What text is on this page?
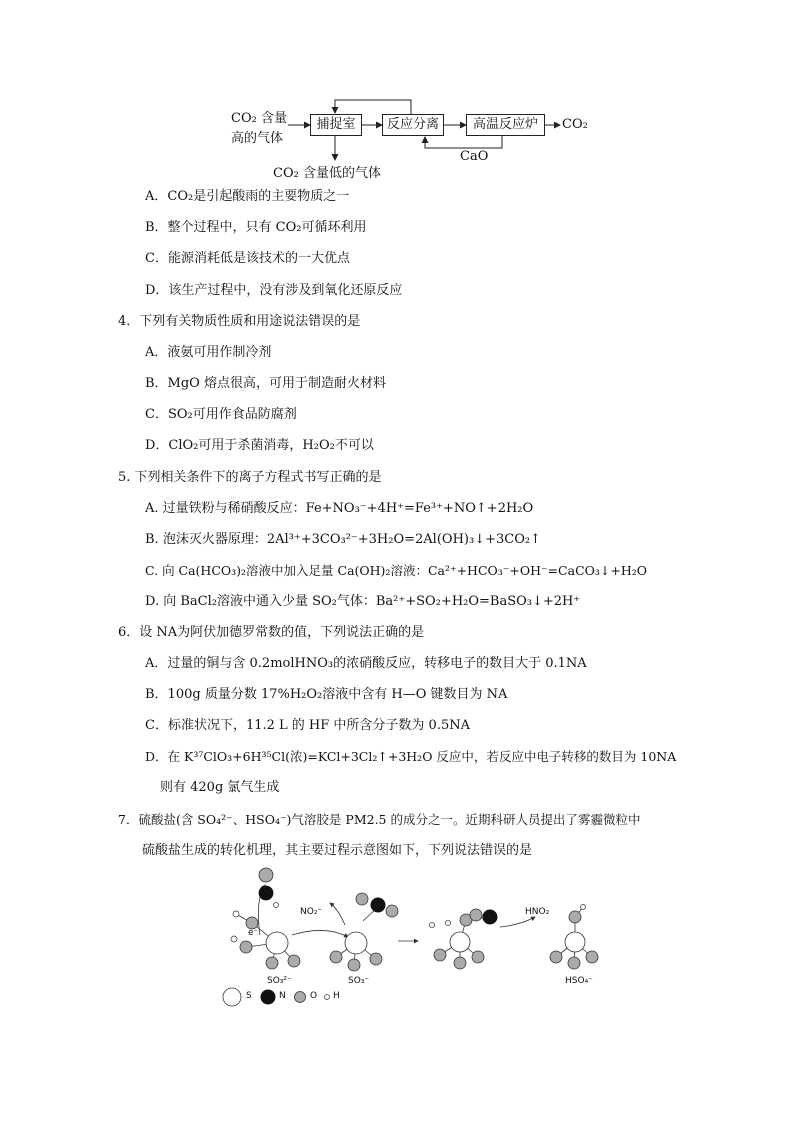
CO₂ 含量
高的气体
捕捉室	反应分离	高温反应炉	CO₂
CaO
CO₂ 含量低的气体
A．CO₂是引起酸雨的主要物质之一
B．整个过程中，只有 CO₂可循环利用
C．能源消耗低是该技术的一大优点
D．该生产过程中，没有涉及到氧化还原反应
4．下列有关物质性质和用途说法错误的是
A．液氨可用作制冷剂
B．MgO 熔点很高，可用于制造耐火材料
C．SO₂可用作食品防腐剂
D．ClO₂可用于杀菌消毒，H₂O₂不可以
5. 下列相关条件下的离子方程式书写正确的是
A. 过量铁粉与稀硝酸反应：Fe+NO₃⁻+4H⁺=Fe³⁺+NO↑+2H₂O
B. 泡沫灭火器原理：2Al³⁺+3CO₃²⁻+3H₂O=2Al(OH)₃↓+3CO₂↑
C. 向 Ca(HCO₃)₂溶液中加入足量 Ca(OH)₂溶液：Ca²⁺+HCO₃⁻+OH⁻=CaCO₃↓+H₂O
D. 向 BaCl₂溶液中通入少量 SO₂气体：Ba²⁺+SO₂+H₂O=BaSO₃↓+2H⁺
6．设 NA为阿伏加德罗常数的值，下列说法正确的是
A．过量的铜与含 0.2molHNO₃的浓硝酸反应，转移电子的数目大于 0.1NA
B．100g 质量分数 17%H₂O₂溶液中含有 H—O 键数目为 NA
C．标准状况下，11.2 L 的 HF 中所含分子数为 0.5NA
D．在 K³⁷ClO₃+6H³⁵Cl(浓)=KCl+3Cl₂↑+3H₂O 反应中，若反应中电子转移的数目为 10NA
则有 420g 氯气生成
7．硫酸盐(含 SO₄²⁻、HSO₄⁻)气溶胶是 PM2.5 的成分之一。近期科研人员提出了雾霾微粒中
硫酸盐生成的转化机理，其主要过程示意图如下，下列说法错误的是
SO₃²⁻	SO₃⁻	HSO₄⁻
NO₂⁻	HNO₂
e⁻
S	N	O H
